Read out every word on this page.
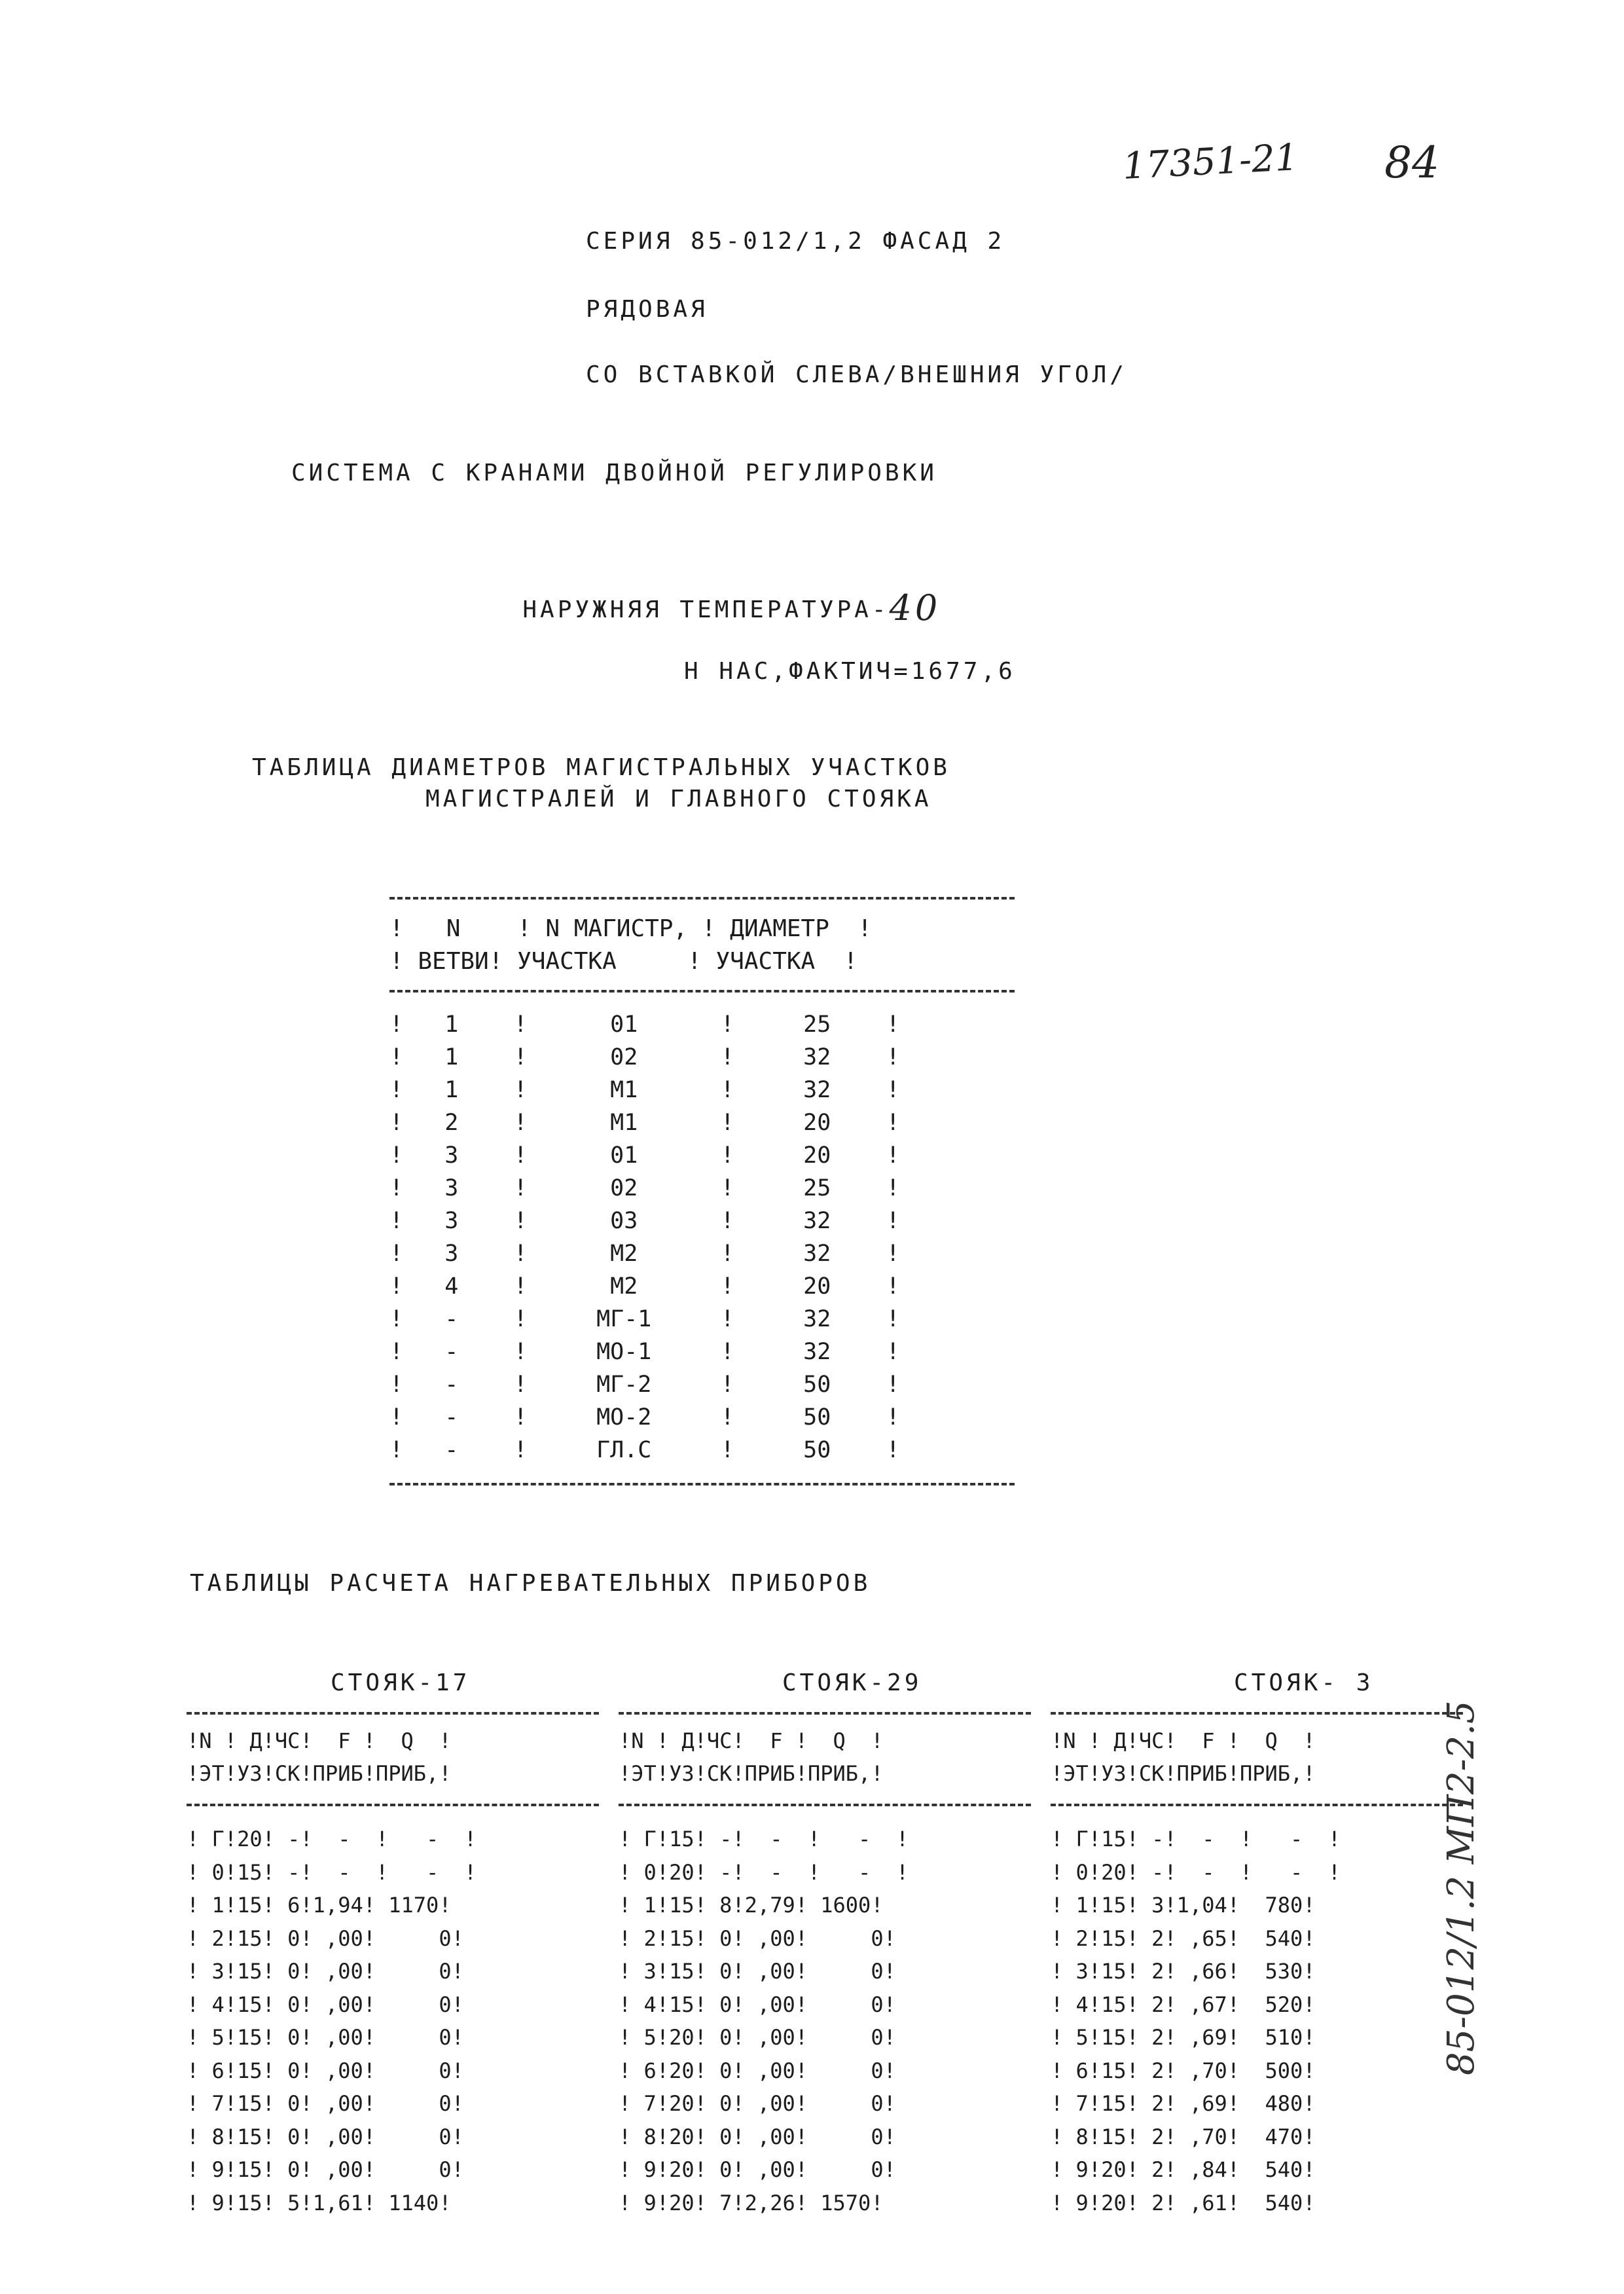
17351-21 84
СЕРИЯ 85-012/1,2 ФАСАД 2
РЯДОВАЯ
СО ВСТАВКОЙ СЛЕВА/ВНЕШНИЯ УГОЛ/
СИСТЕМА С КРАНАМИ ДВОЙНОЙ РЕГУЛИРОВКИ

НАРУЖНЯЯ ТЕМПЕРАТУРА-40

Н НАС,ФАКТИЧ=1677,6
ТАБЛИЦА ДИАМЕТРОВ МАГИСТРАЛЬНЫХ УЧАСТКОВ
МАГИСТРАЛЕЙ И ГЛАВНОГО СТОЯКА
!   N    ! N МАГИСТР, ! ДИАМЕТР  !
! ВЕТВИ! УЧАСТКА     ! УЧАСТКА  !
!   1    !      01      !     25    !
!   1    !      02      !     32    !
!   1    !      М1      !     32    !
!   2    !      М1      !     20    !
!   3    !      01      !     20    !
!   3    !      02      !     25    !
!   3    !      03      !     32    !
!   3    !      М2      !     32    !
!   4    !      М2      !     20    !
!   -    !     МГ-1     !     32    !
!   -    !     МО-1     !     32    !
!   -    !     МГ-2     !     50    !
!   -    !     МО-2     !     50    !
!   -    !     ГЛ.С     !     50    !
ТАБЛИЦЫ РАСЧЕТА НАГРЕВАТЕЛЬНЫХ ПРИБОРОВ
СТОЯК-17
!N ! Д!ЧС!  F !  Q  !
!ЭТ!УЗ!СК!ПРИБ!ПРИБ,!
! Г!20! -!  -  !   -  !
! 0!15! -!  -  !   -  !
! 1!15! 6!1,94! 1170!
! 2!15! 0! ,00!     0!
! 3!15! 0! ,00!     0!
! 4!15! 0! ,00!     0!
! 5!15! 0! ,00!     0!
! 6!15! 0! ,00!     0!
! 7!15! 0! ,00!     0!
! 8!15! 0! ,00!     0!
! 9!15! 0! ,00!     0!
! 9!15! 5!1,61! 1140!
СТОЯК-29
!N ! Д!ЧС!  F !  Q  !
!ЭТ!УЗ!СК!ПРИБ!ПРИБ,!
! Г!15! -!  -  !   -  !
! 0!20! -!  -  !   -  !
! 1!15! 8!2,79! 1600!
! 2!15! 0! ,00!     0!
! 3!15! 0! ,00!     0!
! 4!15! 0! ,00!     0!
! 5!20! 0! ,00!     0!
! 6!20! 0! ,00!     0!
! 7!20! 0! ,00!     0!
! 8!20! 0! ,00!     0!
! 9!20! 0! ,00!     0!
! 9!20! 7!2,26! 1570!
СТОЯК- 3
!N ! Д!ЧС!  F !  Q  !
!ЭТ!УЗ!СК!ПРИБ!ПРИБ,!
! Г!15! -!  -  !   -  !
! 0!20! -!  -  !   -  !
! 1!15! 3!1,04!  780!
! 2!15! 2! ,65!  540!
! 3!15! 2! ,66!  530!
! 4!15! 2! ,67!  520!
! 5!15! 2! ,69!  510!
! 6!15! 2! ,70!  500!
! 7!15! 2! ,69!  480!
! 8!15! 2! ,70!  470!
! 9!20! 2! ,84!  540!
! 9!20! 2! ,61!  540!
85-012/1.2 МП2-2.5
